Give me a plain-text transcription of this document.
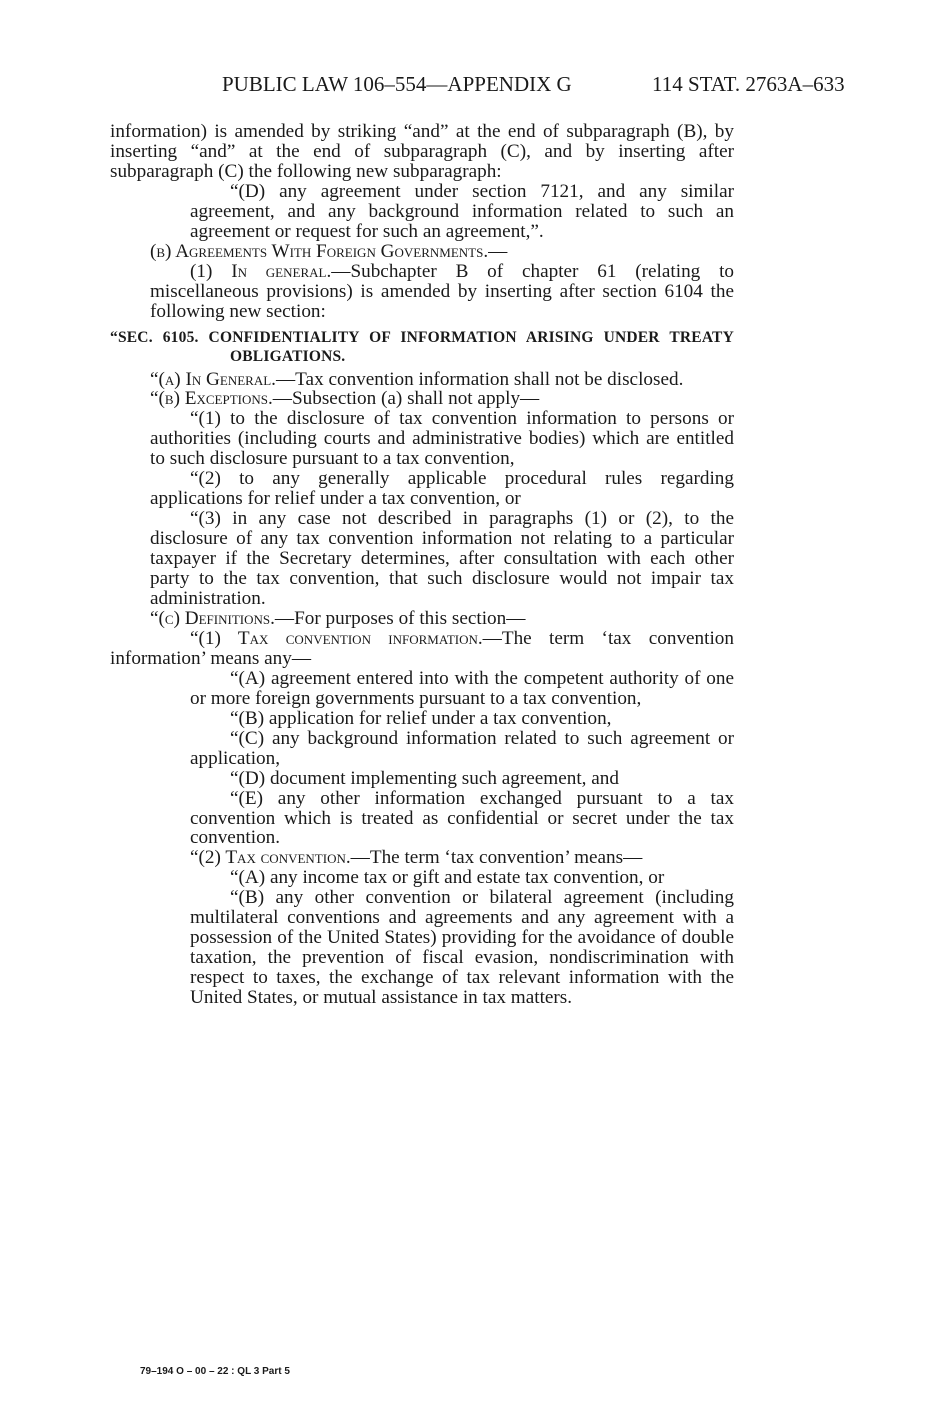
PUBLIC LAW 106–554—APPENDIX G	114 STAT. 2763A–633

information) is amended by striking “and” at the end of subparagraph (B), by inserting “and” at the end of subparagraph (C), and by inserting after subparagraph (C) the following new subparagraph:

“(D) any agreement under section 7121, and any similar agreement, and any background information related to such an agreement or request for such an agreement,”.

(b) Agreements With Foreign Governments.—

(1) In general.—Subchapter B of chapter 61 (relating to miscellaneous provisions) is amended by inserting after section 6104 the following new section:

“SEC. 6105. CONFIDENTIALITY OF INFORMATION ARISING UNDER TREATY OBLIGATIONS.

“(a) In General.—Tax convention information shall not be disclosed.

“(b) Exceptions.—Subsection (a) shall not apply—

“(1) to the disclosure of tax convention information to persons or authorities (including courts and administrative bodies) which are entitled to such disclosure pursuant to a tax convention,

“(2) to any generally applicable procedural rules regarding applications for relief under a tax convention, or

“(3) in any case not described in paragraphs (1) or (2), to the disclosure of any tax convention information not relating to a particular taxpayer if the Secretary determines, after consultation with each other party to the tax convention, that such disclosure would not impair tax administration.

“(c) Definitions.—For purposes of this section—

“(1) Tax convention information.—The term ‘tax convention information’ means any—

“(A) agreement entered into with the competent authority of one or more foreign governments pursuant to a tax convention,

“(B) application for relief under a tax convention,

“(C) any background information related to such agreement or application,

“(D) document implementing such agreement, and

“(E) any other information exchanged pursuant to a tax convention which is treated as confidential or secret under the tax convention.

“(2) Tax convention.—The term ‘tax convention’ means—

“(A) any income tax or gift and estate tax convention, or

“(B) any other convention or bilateral agreement (including multilateral conventions and agreements and any agreement with a possession of the United States) providing for the avoidance of double taxation, the prevention of fiscal evasion, nondiscrimination with respect to taxes, the exchange of tax relevant information with the United States, or mutual assistance in tax matters.

79–194 O – 00 – 22 : QL 3 Part 5
